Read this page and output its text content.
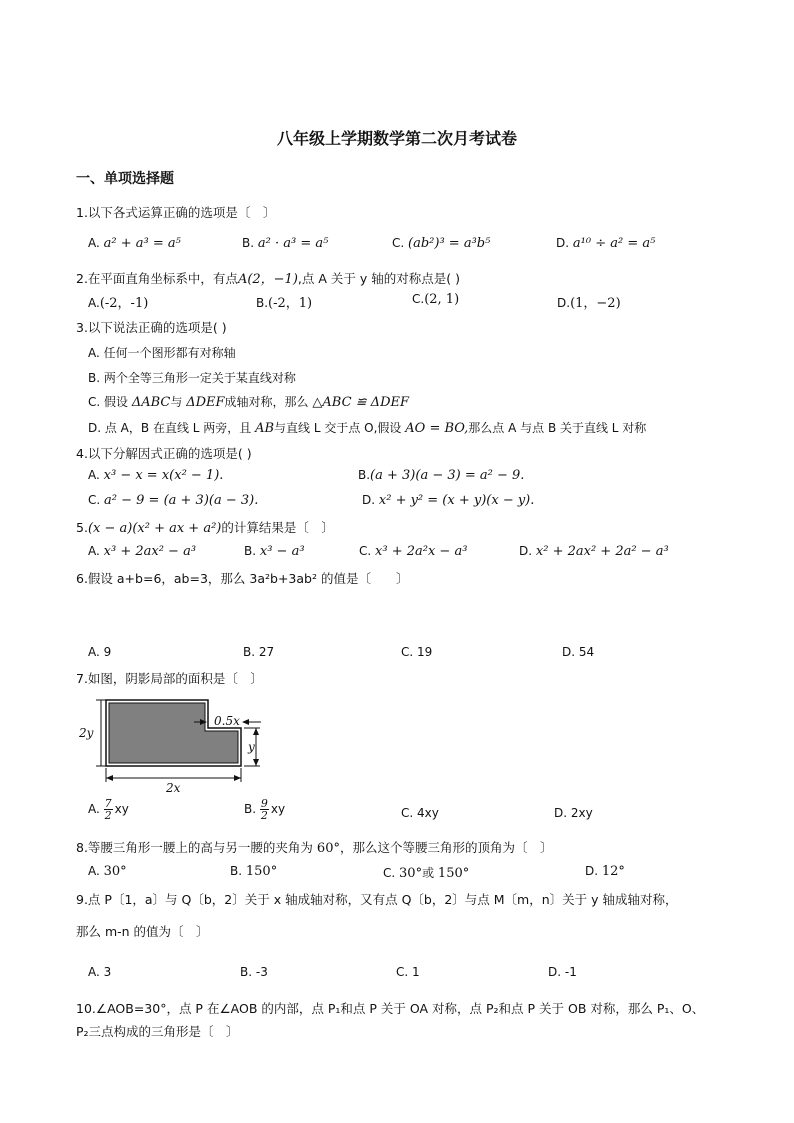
八年级上学期数学第二次月考试卷
一、单项选择题
1.以下各式运算正确的选项是〔　〕
A. a² + a³ = a⁵	B. a² · a³ = a⁵	C. (ab²)³ = a³b⁵	D. a¹⁰ ÷ a² = a⁵
2.在平面直角坐标系中，有点A(2，−1),点 A 关于 y 轴的对称点是( )
A.(-2，-1)	B.(-2，1)	C.(2, 1)	D.(1，−2)
3.以下说法正确的选项是( )
A. 任何一个图形都有对称轴
B. 两个全等三角形一定关于某直线对称
C. 假设 ΔABC与 ΔDEF成轴对称，那么 △ABC ≌ ΔDEF
D. 点 A，B 在直线 L 两旁，且 AB与直线 L 交于点 O,假设 AO = BO,那么点 A 与点 B 关于直线 L 对称
4.以下分解因式正确的选项是( )
A. x³ − x = x(x² − 1).	B.(a + 3)(a − 3) = a² − 9.
C. a² − 9 = (a + 3)(a − 3).	D. x² + y² = (x + y)(x − y).
5.(x − a)(x² + ax + a²)的计算结果是〔　〕
A. x³ + 2ax² − a³	B. x³ − a³	C. x³ + 2a²x − a³	D. x² + 2ax² + 2a² − a³
6.假设 a+b=6，ab=3，那么 3a²b+3ab² 的值是〔　　〕
A. 9	B. 27	C. 19	D. 54
7.如图，阴影局部的面积是〔　〕
2y
2x
0.5x
y
A. $\frac{7}{2}$ xy	B. $\frac{9}{2}$ xy	C. 4xy	D. 2xy
8.等腰三角形一腰上的高与另一腰的夹角为 60°，那么这个等腰三角形的顶角为〔　〕
A. 30°	B. 150°	C. 30°或 150°	D. 12°
9.点 P〔1，a〕与 Q〔b，2〕关于 x 轴成轴对称，又有点 Q〔b，2〕与点 M〔m，n〕关于 y 轴成轴对称，
那么 m-n 的值为〔　〕
A. 3	B. -3	C. 1	D. -1
10.∠AOB=30°，点 P 在∠AOB 的内部，点 P₁和点 P 关于 OA 对称，点 P₂和点 P 关于 OB 对称，那么 P₁、O、
P₂三点构成的三角形是〔　〕
